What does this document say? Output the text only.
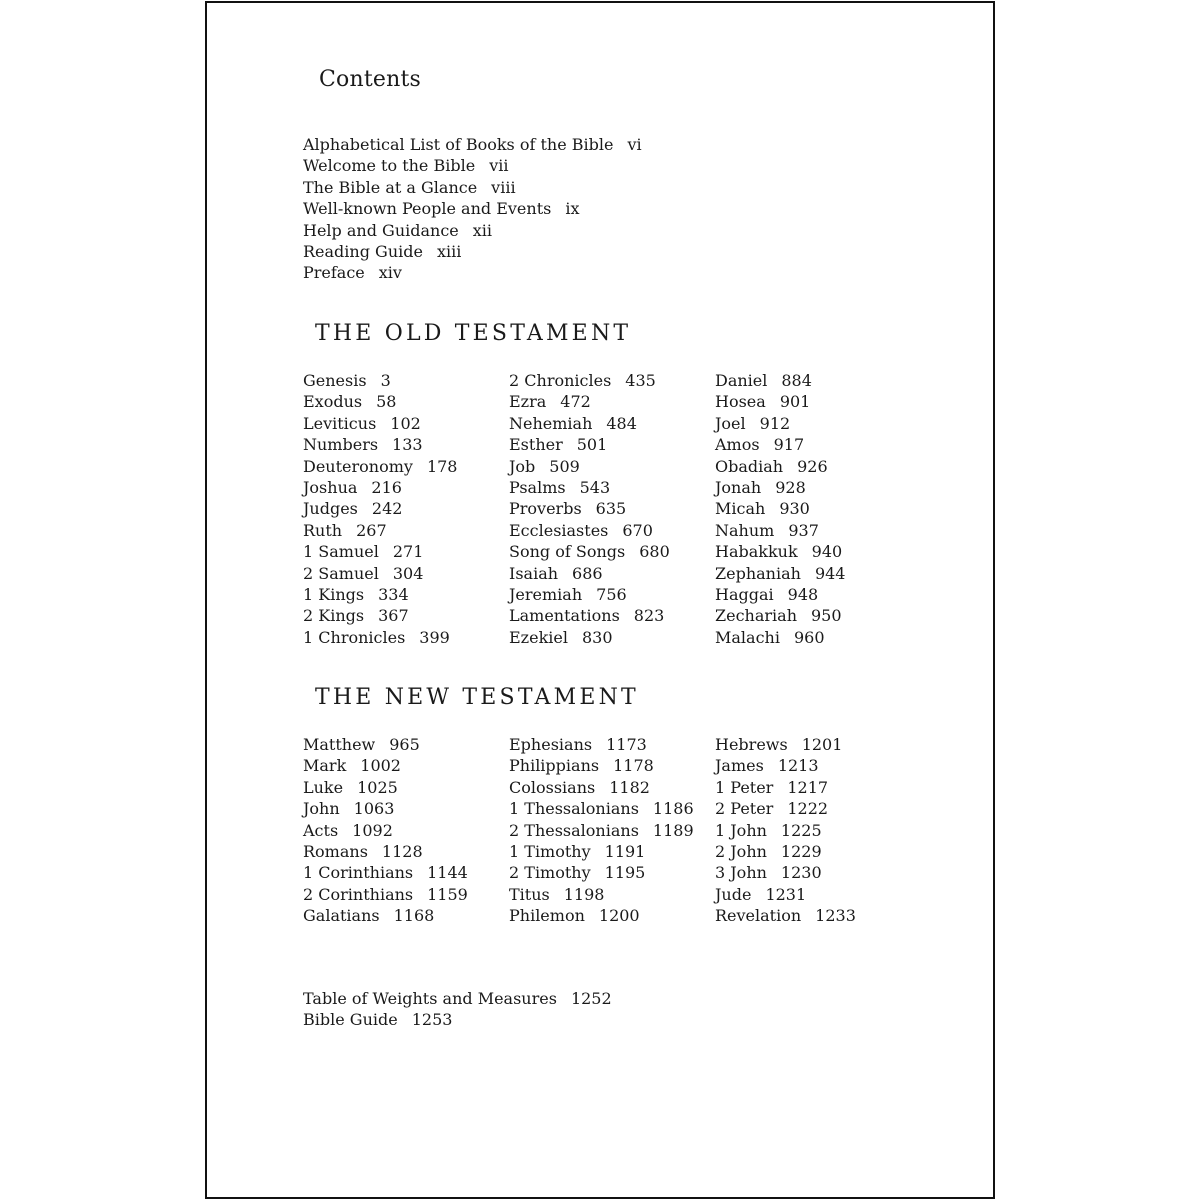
Contents
Alphabetical List of Books of the Bible vi
Welcome to the Bible vii
The Bible at a Glance viii
Well-known People and Events ix
Help and Guidance xii
Reading Guide xiii
Preface xiv
THE OLD TESTAMENT
Genesis 3
Exodus 58
Leviticus 102
Numbers 133
Deuteronomy 178
Joshua 216
Judges 242
Ruth 267
1 Samuel 271
2 Samuel 304
1 Kings 334
2 Kings 367
1 Chronicles 399
2 Chronicles 435
Ezra 472
Nehemiah 484
Esther 501
Job 509
Psalms 543
Proverbs 635
Ecclesiastes 670
Song of Songs 680
Isaiah 686
Jeremiah 756
Lamentations 823
Ezekiel 830
Daniel 884
Hosea 901
Joel 912
Amos 917
Obadiah 926
Jonah 928
Micah 930
Nahum 937
Habakkuk 940
Zephaniah 944
Haggai 948
Zechariah 950
Malachi 960
THE NEW TESTAMENT
Matthew 965
Mark 1002
Luke 1025
John 1063
Acts 1092
Romans 1128
1 Corinthians 1144
2 Corinthians 1159
Galatians 1168
Ephesians 1173
Philippians 1178
Colossians 1182
1 Thessalonians 1186
2 Thessalonians 1189
1 Timothy 1191
2 Timothy 1195
Titus 1198
Philemon 1200
Hebrews 1201
James 1213
1 Peter 1217
2 Peter 1222
1 John 1225
2 John 1229
3 John 1230
Jude 1231
Revelation 1233
Table of Weights and Measures 1252
Bible Guide 1253
